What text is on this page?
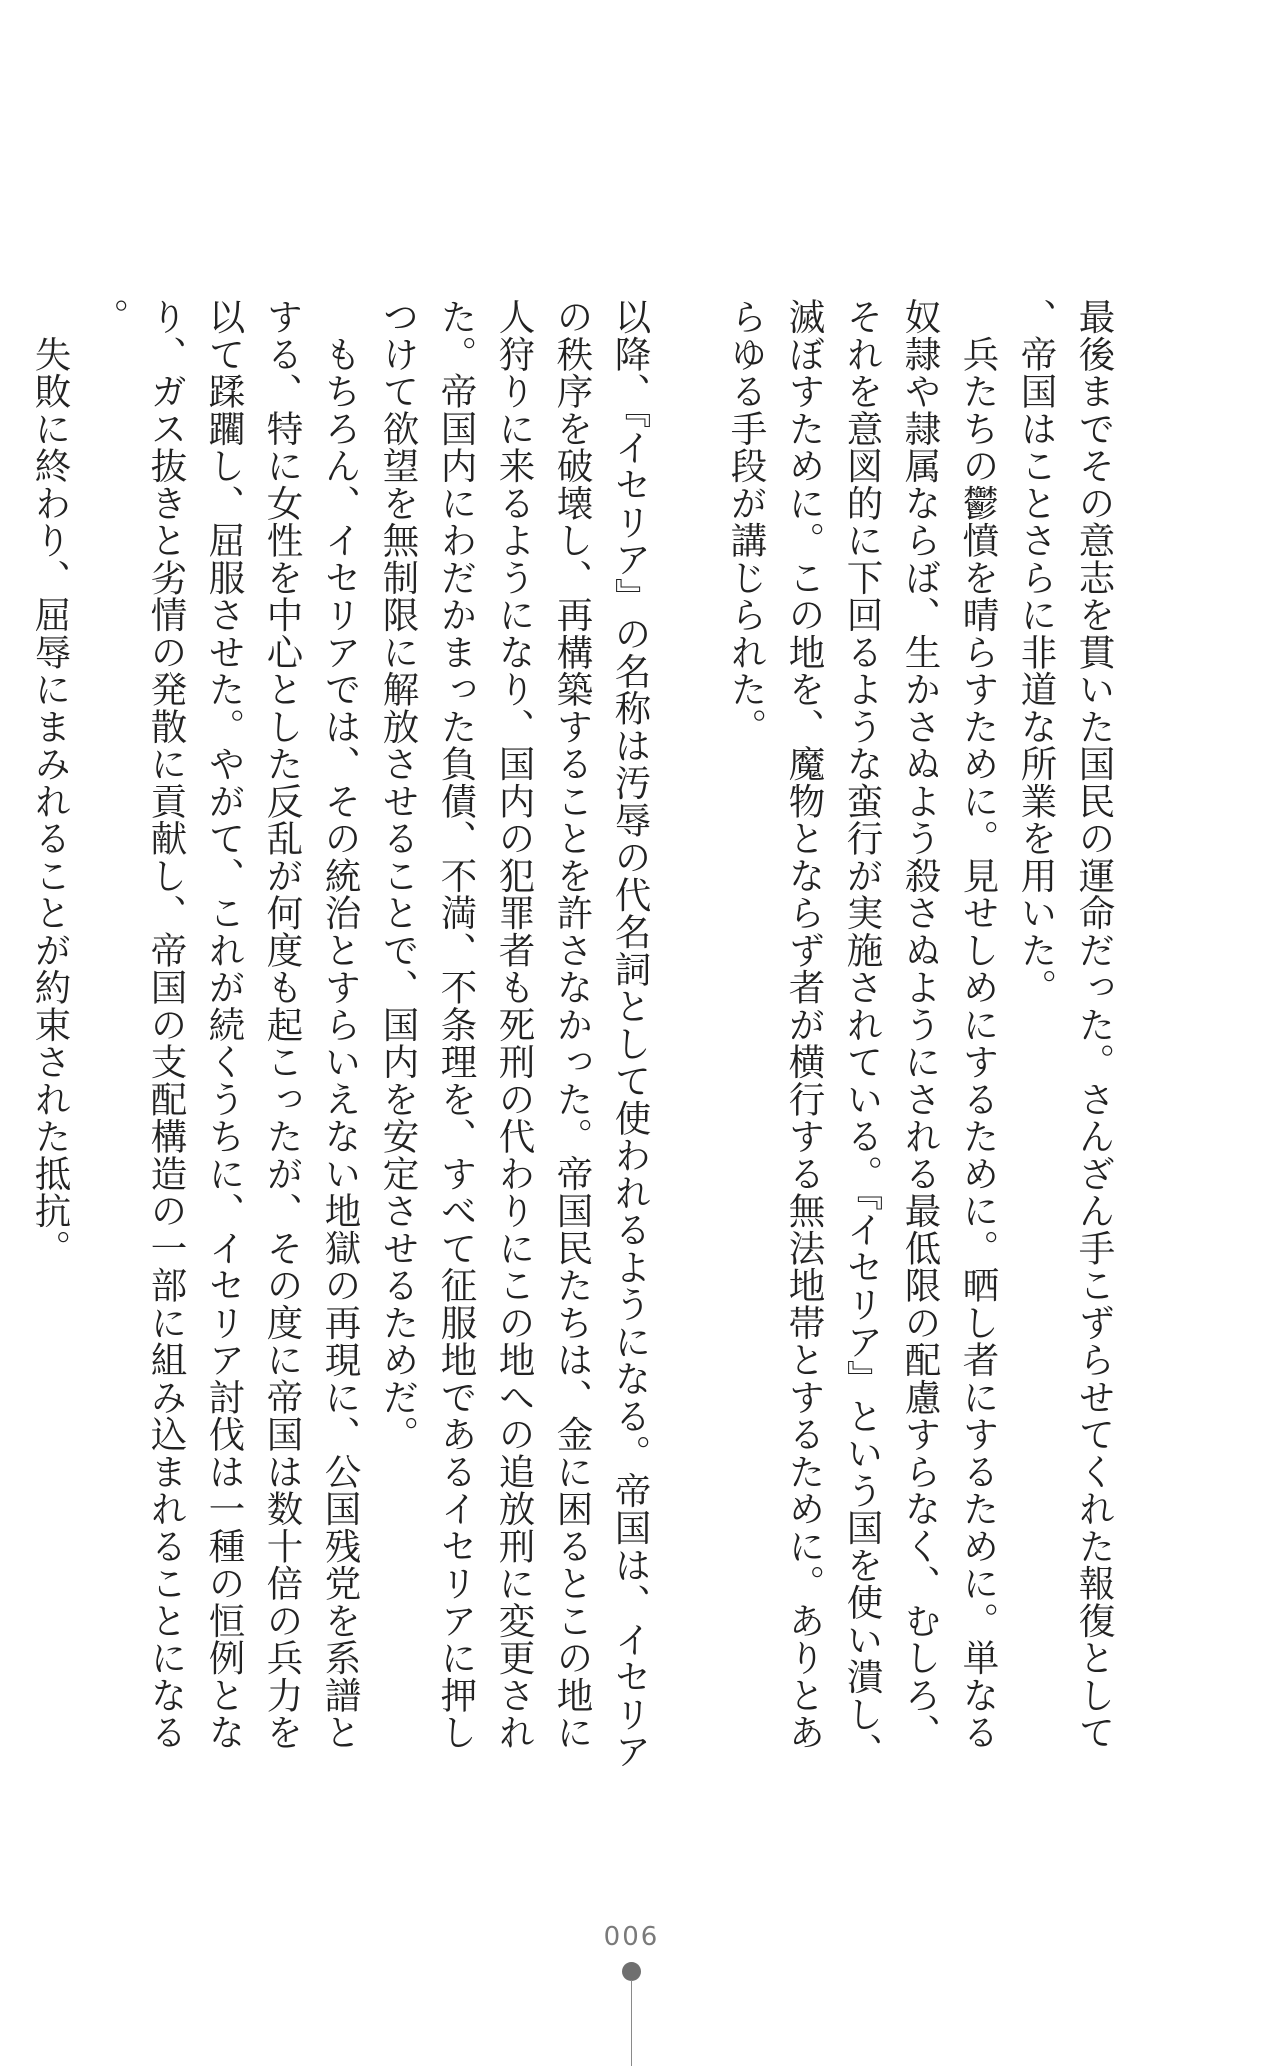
最後までその意志を貫いた国民の運命だった。さんざん手こずらせてくれた報復として、帝国はことさらに非道な所業を用いた。

　兵たちの鬱憤を晴らすために。見せしめにするために。晒し者にするために。単なる奴隷や隷属ならば、生かさぬよう殺さぬようにされる最低限の配慮すらなく、むしろ、それを意図的に下回るような蛮行が実施されている。『イセリア』という国を使い潰し、滅ぼすために。この地を、魔物とならず者が横行する無法地帯とするために。ありとあらゆる手段が講じられた。

以降、『イセリア』の名称は汚辱の代名詞として使われるようになる。帝国は、イセリアの秩序を破壊し、再構築することを許さなかった。帝国民たちは、金に困るとこの地に人狩りに来るようになり、国内の犯罪者も死刑の代わりにこの地への追放刑に変更された。帝国内にわだかまった負債、不満、不条理を、すべて征服地であるイセリアに押しつけて欲望を無制限に解放させることで、国内を安定させるためだ。

　もちろん、イセリアでは、その統治とすらいえない地獄の再現に、公国残党を系譜とする、特に女性を中心とした反乱が何度も起こったが、その度に帝国は数十倍の兵力を以て蹂躙し、屈服させた。やがて、これが続くうちに、イセリア討伐は一種の恒例となり、ガス抜きと劣情の発散に貢献し、帝国の支配構造の一部に組み込まれることになる。

　失敗に終わり、屈辱にまみれることが約束された抵抗。

006
